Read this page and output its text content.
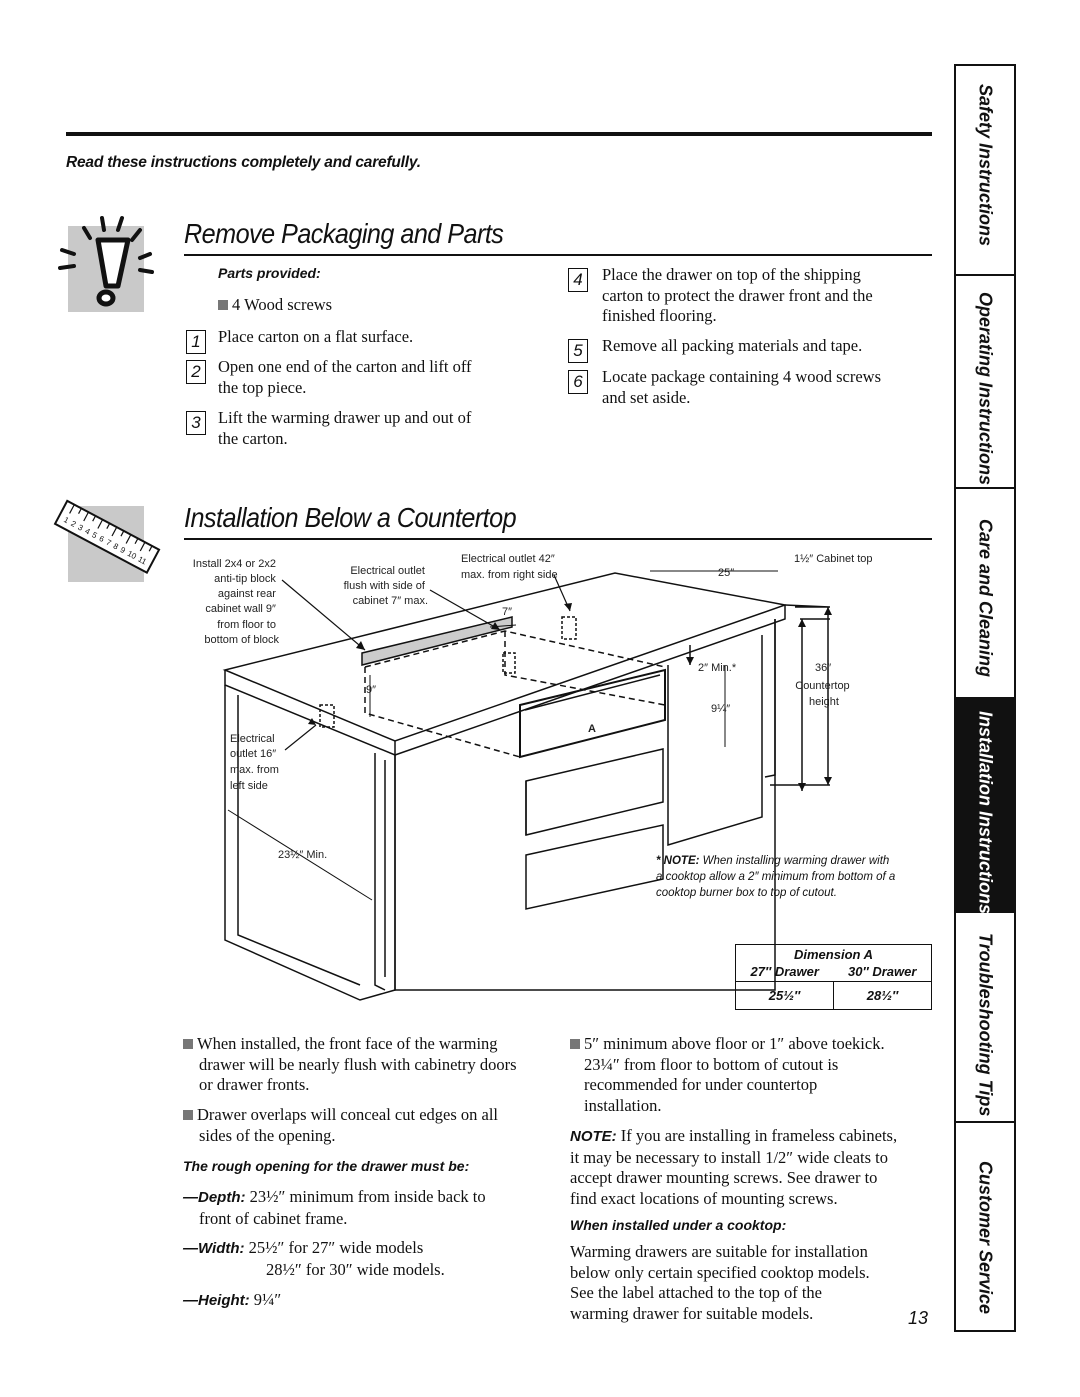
Read these instructions completely and carefully.
Remove Packaging and Parts
Parts provided:
4 Wood screws
1	Place carton on a flat surface.
2	Open one end of the carton and lift off
the top piece.
3	Lift the warming drawer up and out of
the carton.
4	Place the drawer on top of the shipping
carton to protect the drawer front and the
finished flooring.
5	Remove all packing materials and tape.
6	Locate package containing 4 wood screws
and set aside.
1
2
3
4
5
6
7
8
9
10
11
Installation Below a Countertop
Install 2x4 or 2x2 anti-tip block against rear cabinet wall 9″ from floor to bottom of block
Electrical outlet flush with side of cabinet 7″ max.
Electrical outlet 42″ max. from right side
1½″ Cabinet top
25″
7″
9″
2″ Min.*
9¼″
36″
Countertop height
A
Electrical outlet 16″ max. from left side
23½″ Min.	* NOTE: When installing warming drawer with
a cooktop allow a 2″ minimum from bottom of a
cooktop burner box to top of cutout.
Dimension A	
27″ Drawer	30″ Drawer
25½″	28½″
When installed, the front face of the warming
drawer will be nearly flush with cabinetry doors
or drawer fronts.
Drawer overlaps will conceal cut edges on all
sides of the opening.
The rough opening for the drawer must be:
—Depth: 23½″ minimum from inside back to
front of cabinet frame.
—Width: 25½″ for 27″ wide models
28½″ for 30″ wide models.
—Height: 9¼″
5″ minimum above floor or 1″ above toekick.
23¼″ from floor to bottom of cutout is
recommended for under countertop
installation.
NOTE: If you are installing in frameless cabinets,
it may be necessary to install 1/2″ wide cleats to
accept drawer mounting screws. See drawer to
find exact locations of mounting screws.
When installed under a cooktop:
Warming drawers are suitable for installation
below only certain specified cooktop models.
See the label attached to the top of the
warming drawer for suitable models.	13
Safety Instructions
Operating Instructions
Care and Cleaning
Installation Instructions
Troubleshooting Tips
Customer Service
